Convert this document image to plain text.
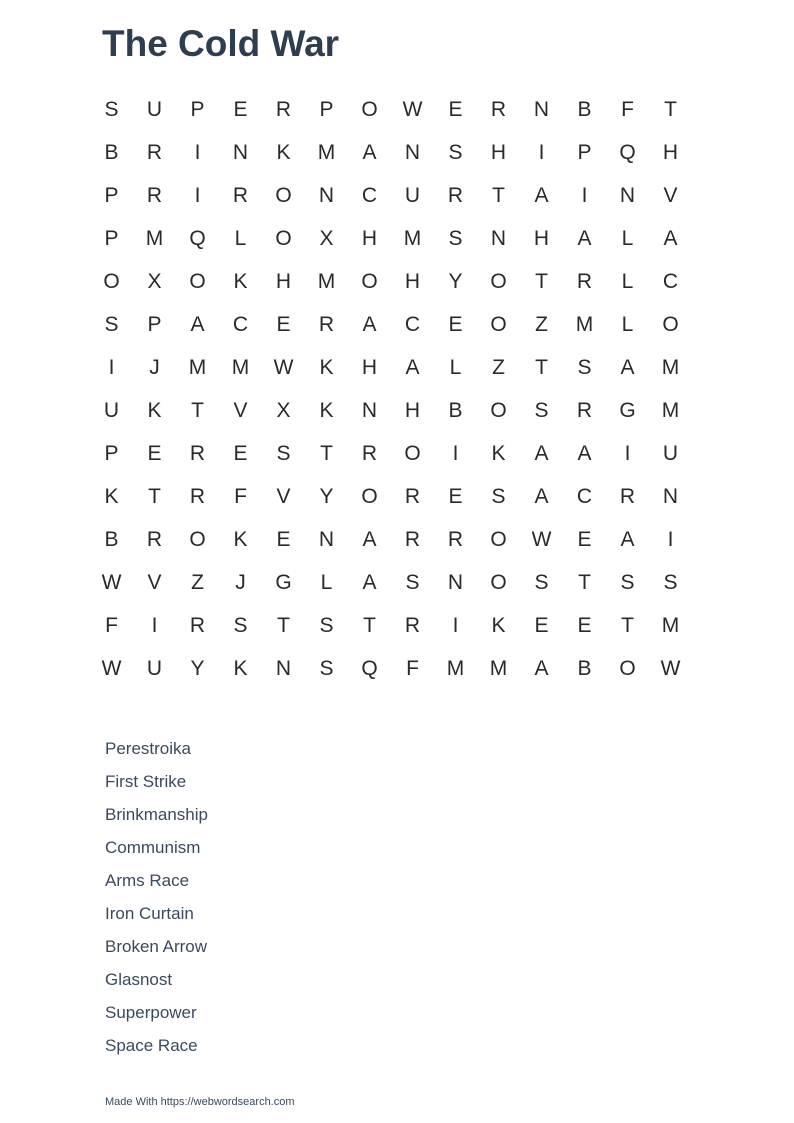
The Cold War
S	U	P	E	R	P	O	W	E	R	N	B	F	T
B	R	I	N	K	M	A	N	S	H	I	P	Q	H
P	R	I	R	O	N	C	U	R	T	A	I	N	V
P	M	Q	L	O	X	H	M	S	N	H	A	L	A
O	X	O	K	H	M	O	H	Y	O	T	R	L	C
S	P	A	C	E	R	A	C	E	O	Z	M	L	O
I	J	M	M	W	K	H	A	L	Z	T	S	A	M
U	K	T	V	X	K	N	H	B	O	S	R	G	M
P	E	R	E	S	T	R	O	I	K	A	A	I	U
K	T	R	F	V	Y	O	R	E	S	A	C	R	N
B	R	O	K	E	N	A	R	R	O	W	E	A	I
W	V	Z	J	G	L	A	S	N	O	S	T	S	S
F	I	R	S	T	S	T	R	I	K	E	E	T	M
W	U	Y	K	N	S	Q	F	M	M	A	B	O	W
Perestroika
First Strike
Brinkmanship
Communism
Arms Race
Iron Curtain
Broken Arrow
Glasnost
Superpower
Space Race
Made With https://webwordsearch.com
